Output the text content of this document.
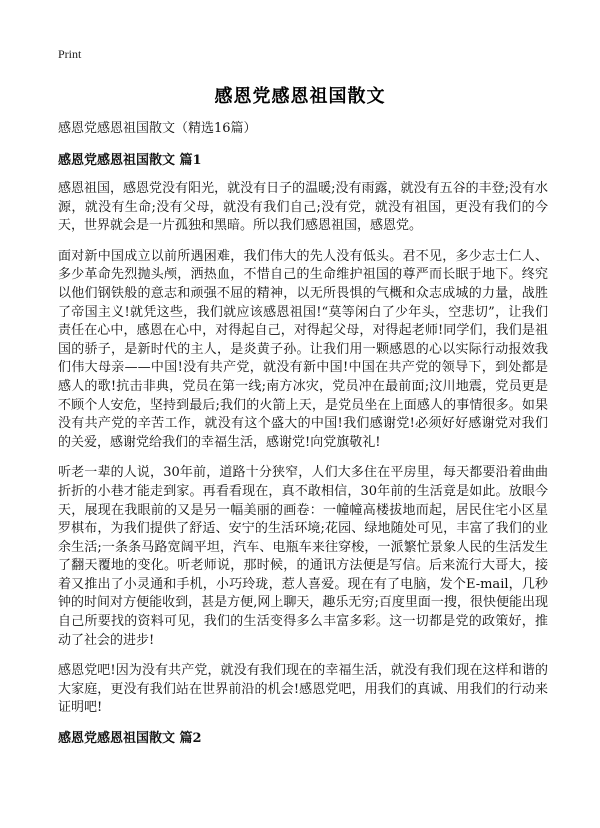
Print
感恩党感恩祖国散文

感恩党感恩祖国散文（精选16篇）

感恩党感恩祖国散文 篇1

感恩祖国，感恩党没有阳光，就没有日子的温暖;没有雨露，就没有五谷的丰登;没有水源，就没有生命;没有父母，就没有我们自己;没有党，就没有祖国，更没有我们的今天，世界就会是一片孤独和黑暗。所以我们感恩祖国，感恩党。

面对新中国成立以前所遇困难，我们伟大的先人没有低头。君不见，多少志士仁人、多少革命先烈抛头颅，洒热血，不惜自己的生命维护祖国的尊严而长眠于地下。终究以他们钢铁般的意志和顽强不屈的精神，以无所畏惧的气概和众志成城的力量，战胜了帝国主义!就凭这些，我们就应该感恩祖国!“莫等闲白了少年头，空悲切”，让我们责任在心中，感恩在心中，对得起自己，对得起父母，对得起老师!同学们，我们是祖国的骄子，是新时代的主人，是炎黄子孙。让我们用一颗感恩的心以实际行动报效我们伟大母亲——中国!没有共产党，就没有新中国!中国在共产党的领导下，到处都是感人的歌!抗击非典，党员在第一线;南方冰灾，党员冲在最前面;汶川地震，党员更是不顾个人安危，坚持到最后;我们的火箭上天，是党员坐在上面感人的事情很多。如果没有共产党的辛苦工作，就没有这个盛大的中国!我们感谢党!必须好好感谢党对我们的关爱，感谢党给我们的幸福生活，感谢党!向党旗敬礼!

听老一辈的人说，30年前，道路十分狭窄，人们大多住在平房里，每天都要沿着曲曲折折的小巷才能走到家。再看看现在，真不敢相信，30年前的生活竟是如此。放眼今天，展现在我眼前的又是另一幅美丽的画卷：一幢幢高楼拔地而起，居民住宅小区星罗棋布，为我们提供了舒适、安宁的生活环境;花园、绿地随处可见，丰富了我们的业余生活;一条条马路宽阔平坦，汽车、电瓶车来往穿梭，一派繁忙景象人民的生活发生了翻天覆地的变化。听老师说，那时候，的通讯方法便是写信。后来流行大哥大，接着又推出了小灵通和手机，小巧玲珑，惹人喜爱。现在有了电脑，发个E-mail，几秒钟的时间对方便能收到，甚是方便,网上聊天，趣乐无穷;百度里面一搜，很快便能出现自己所要找的资料可见，我们的生活变得多么丰富多彩。这一切都是党的政策好，推动了社会的进步!

感恩党吧!因为没有共产党，就没有我们现在的幸福生活，就没有我们现在这样和谐的大家庭，更没有我们站在世界前沿的机会!感恩党吧，用我们的真诚、用我们的行动来证明吧!

感恩党感恩祖国散文 篇2
